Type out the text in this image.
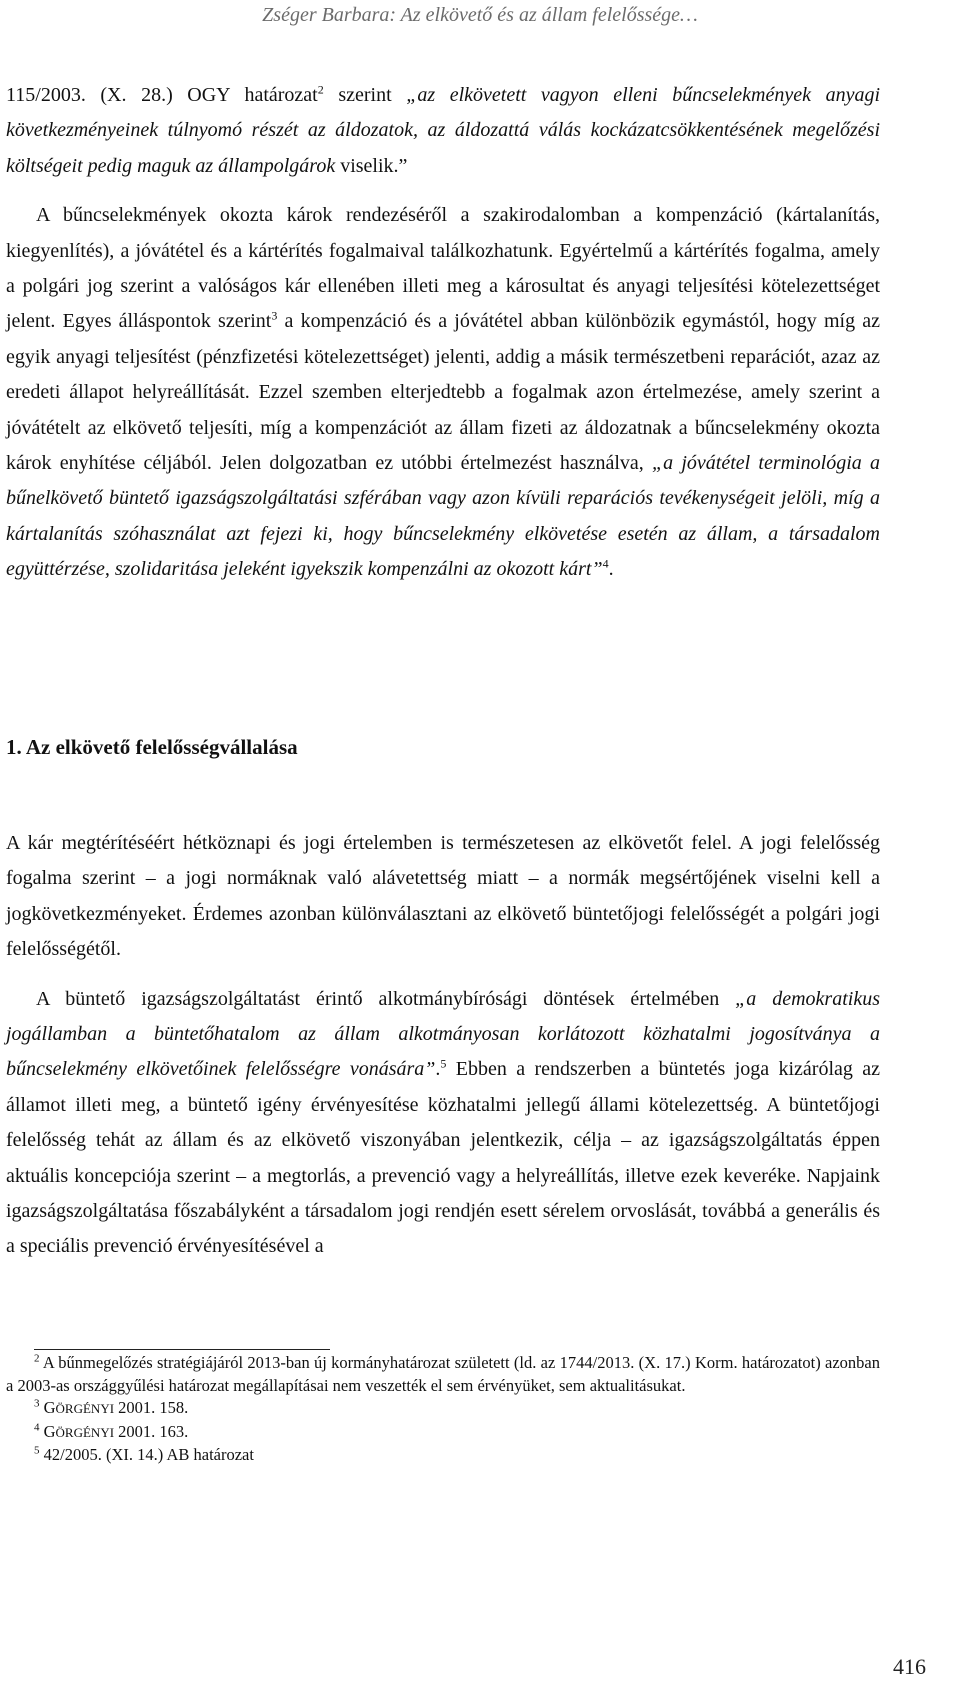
Zséger Barbara: Az elkövető és az állam felelőssége…

115/2003. (X. 28.) OGY határozat$^2$ szerint „az elkövetett vagyon elleni bűncselekmények anyagi következményeinek túlnyomó részét az áldozatok, az áldozattá válás kockázatcsökkentésének megelőzési költségeit pedig maguk az állampolgárok viselik.”

A bűncselekmények okozta károk rendezéséről a szakirodalomban a kompenzáció (kártalanítás, kiegyenlítés), a jóvátétel és a kártérítés fogalmaival találkozhatunk. Egyértelmű a kártérítés fogalma, amely a polgári jog szerint a valóságos kár ellenében illeti meg a károsultat és anyagi teljesítési kötelezettséget jelent. Egyes álláspontok szerint$^3$ a kompenzáció és a jóvátétel abban különbözik egymástól, hogy míg az egyik anyagi teljesítést (pénzfizetési kötelezettséget) jelenti, addig a másik természetbeni reparációt, azaz az eredeti állapot helyreállítását. Ezzel szemben elterjedtebb a fogalmak azon értelmezése, amely szerint a jóvátételt az elkövető teljesíti, míg a kompenzációt az állam fizeti az áldozatnak a bűncselekmény okozta károk enyhítése céljából. Jelen dolgozatban ez utóbbi értelmezést használva, „a jóvátétel terminológia a bűnelkövető büntető igazságszolgáltatási szférában vagy azon kívüli reparációs tevékenységeit jelöli, míg a kártalanítás szóhasználat azt fejezi ki, hogy bűncselekmény elkövetése esetén az állam, a társadalom együttérzése, szolidaritása jeleként igyekszik kompenzálni az okozott kárt”$^4$.

1. Az elkövető felelősségvállalása

A kár megtérítéséért hétköznapi és jogi értelemben is természetesen az elkövetőt felel. A jogi felelősség fogalma szerint – a jogi normáknak való alávetettség miatt – a normák megsértőjének viselni kell a jogkövetkezményeket. Érdemes azonban különválasztani az elkövető büntetőjogi felelősségét a polgári jogi felelősségétől.

A büntető igazságszolgáltatást érintő alkotmánybírósági döntések értelmében „a demokratikus jogállamban a büntetőhatalom az állam alkotmányosan korlátozott közhatalmi jogosítványa a bűncselekmény elkövetőinek felelősségre vonására”.$^5$ Ebben a rendszerben a büntetés joga kizárólag az államot illeti meg, a büntető igény érvényesítése közhatalmi jellegű állami kötelezettség. A büntetőjogi felelősség tehát az állam és az elkövető viszonyában jelentkezik, célja – az igazságszolgáltatás éppen aktuális koncepciója szerint – a megtorlás, a prevenció vagy a helyreállítás, illetve ezek keveréke. Napjaink igazságszolgáltatása főszabályként a társadalom jogi rendjén esett sérelem orvoslását, továbbá a generális és a speciális prevenció érvényesítésével a

$^2$ A bűnmegelőzés stratégiájáról 2013-ban új kormányhatározat született (ld. az 1744/2013. (X. 17.) Korm. határozatot) azonban a 2003-as országgyűlési határozat megállapításai nem veszették el sem érvényüket, sem aktualitásukat.

$^3$ GÖRGÉNYI 2001. 158.

$^4$ GÖRGÉNYI 2001. 163.

$^5$ 42/2005. (XI. 14.) AB határozat

416
